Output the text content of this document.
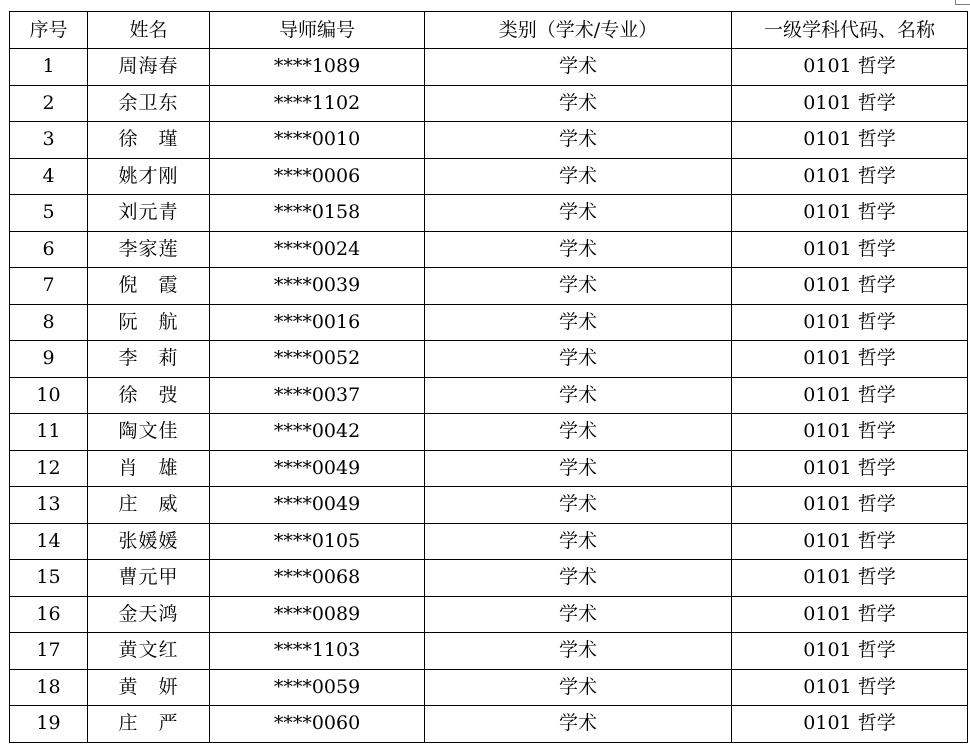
序号	姓名	导师编号	类别（学术/专业）	一级学科代码、名称
1	周海春	****1089	学术	0101 哲学
2	余卫东	****1102	学术	0101 哲学
3	徐　瑾	****0010	学术	0101 哲学
4	姚才刚	****0006	学术	0101 哲学
5	刘元青	****0158	学术	0101 哲学
6	李家莲	****0024	学术	0101 哲学
7	倪　霞	****0039	学术	0101 哲学
8	阮　航	****0016	学术	0101 哲学
9	李　莉	****0052	学术	0101 哲学
10	徐　弢	****0037	学术	0101 哲学
11	陶文佳	****0042	学术	0101 哲学
12	肖　雄	****0049	学术	0101 哲学
13	庄　威	****0049	学术	0101 哲学
14	张媛媛	****0105	学术	0101 哲学
15	曹元甲	****0068	学术	0101 哲学
16	金天鸿	****0089	学术	0101 哲学
17	黄文红	****1103	学术	0101 哲学
18	黄　妍	****0059	学术	0101 哲学
19	庄　严	****0060	学术	0101 哲学
